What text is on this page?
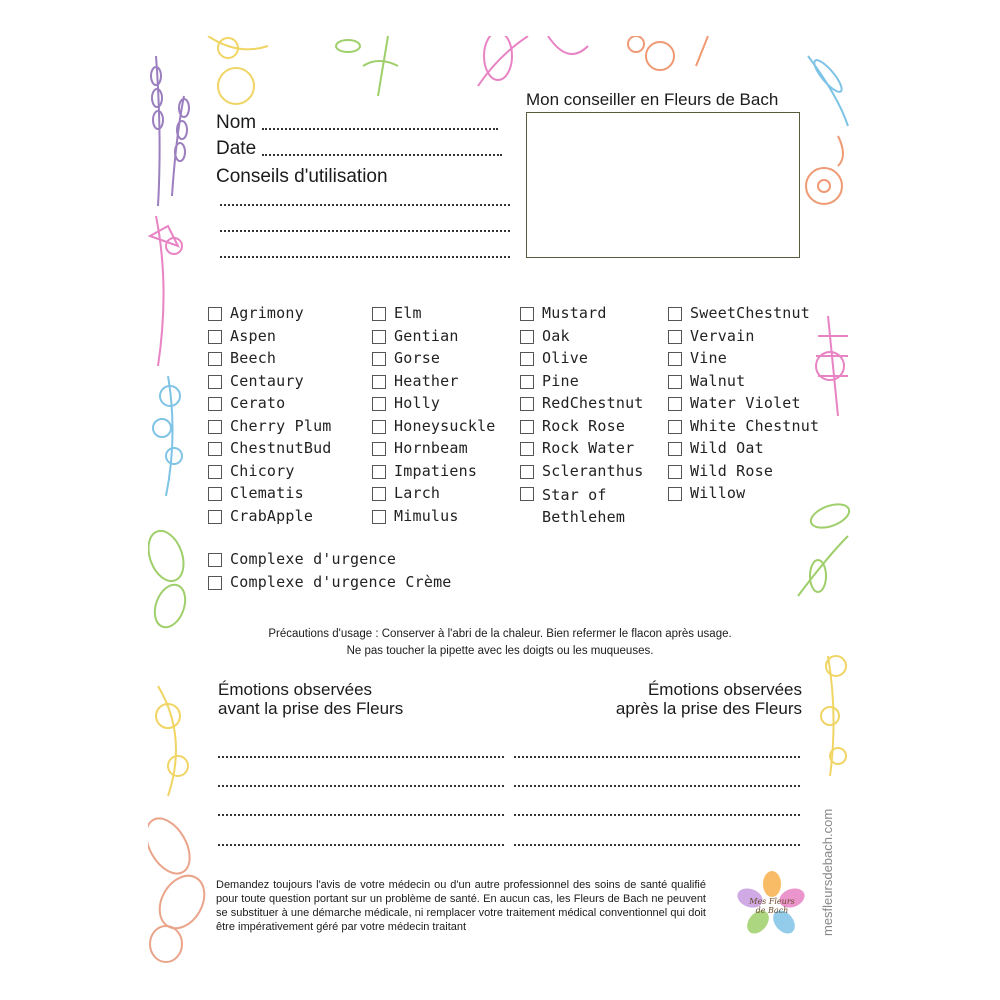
Nom
Date
Conseils d'utilisation
Mon conseiller en Fleurs de Bach
Agrimony
Aspen
Beech
Centaury
Cerato
Cherry Plum
ChestnutBud
Chicory
Clematis
CrabApple
Elm
Gentian
Gorse
Heather
Holly
Honeysuckle
Hornbeam
Impatiens
Larch
Mimulus
Mustard
Oak
Olive
Pine
RedChestnut
Rock Rose
Rock Water
Scleranthus
Star of Bethlehem
SweetChestnut
Vervain
Vine
Walnut
Water Violet
White Chestnut
Wild Oat
Wild Rose
Willow
Complexe d'urgence
Complexe d'urgence Crème
Précautions d'usage : Conserver à l'abri de la chaleur. Bien refermer le flacon après usage.
Ne pas toucher la pipette avec les doigts ou les muqueuses.
Émotions observées
avant la prise des Fleurs
Émotions observées
après la prise des Fleurs
Demandez toujours l'avis de votre médecin ou d'un autre professionnel des soins de santé qualifié pour toute question portant sur un problème de santé. En aucun cas, les Fleurs de Bach ne peuvent se substituer à une démarche médicale, ni remplacer votre traitement médical conventionnel qui doit être impérativement géré par votre médecin traitant
Mes Fleurs
de Bach mesfleursdebach.com
